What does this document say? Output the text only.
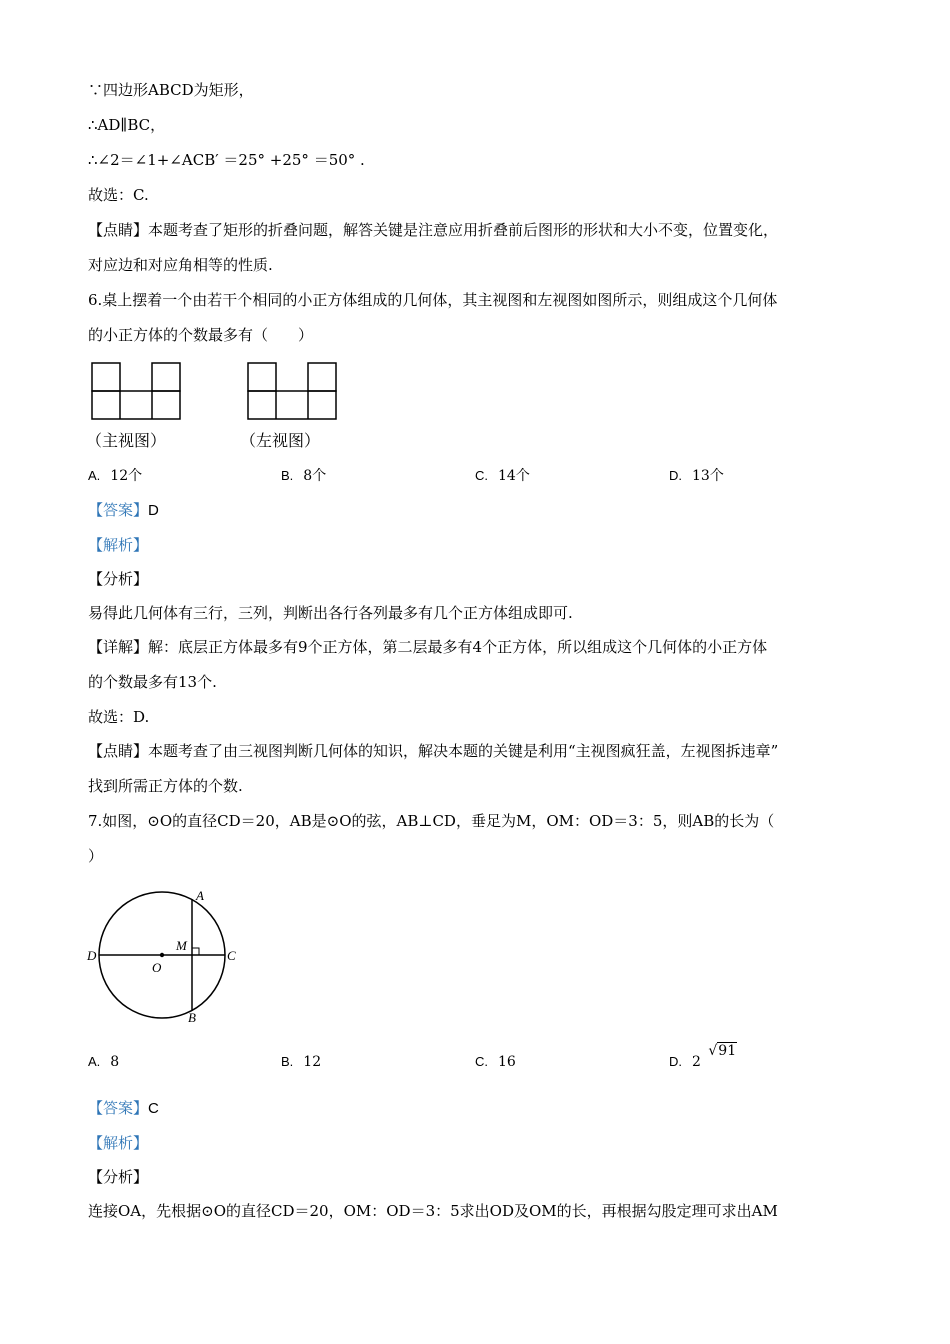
∵四边形ABCD为矩形，
∴AD∥BC，
∴∠2＝∠1+∠ACB′ ＝25° +25° ＝50° .
故选：C.
【点睛】本题考查了矩形的折叠问题，解答关键是注意应用折叠前后图形的形状和大小不变，位置变化，
对应边和对应角相等的性质.
6.桌上摆着一个由若干个相同的小正方体组成的几何体，其主视图和左视图如图所示，则组成这个几何体
的小正方体的个数最多有（　　）
（主视图）	（左视图）
A. 12个	B. 8个	C. 14个	D. 13个
【答案】D
【解析】
【分析】
易得此几何体有三行，三列，判断出各行各列最多有几个正方体组成即可.
【详解】解：底层正方体最多有9个正方体，第二层最多有4个正方体，所以组成这个几何体的小正方体
的个数最多有13个.
故选：D.
【点睛】本题考查了由三视图判断几何体的知识，解决本题的关键是利用“主视图疯狂盖，左视图拆违章”
找到所需正方体的个数.
7.如图，⊙O的直径CD＝20，AB是⊙O的弦，AB⊥CD，垂足为M，OM：OD＝3：5，则AB的长为（
）
A
B
C
D
M
O
A. 8	B. 12	C. 16	D. 2 √91
【答案】C
【解析】
【分析】
连接OA，先根据⊙O的直径CD＝20，OM：OD＝3：5求出OD及OM的长，再根据勾股定理可求出AM
